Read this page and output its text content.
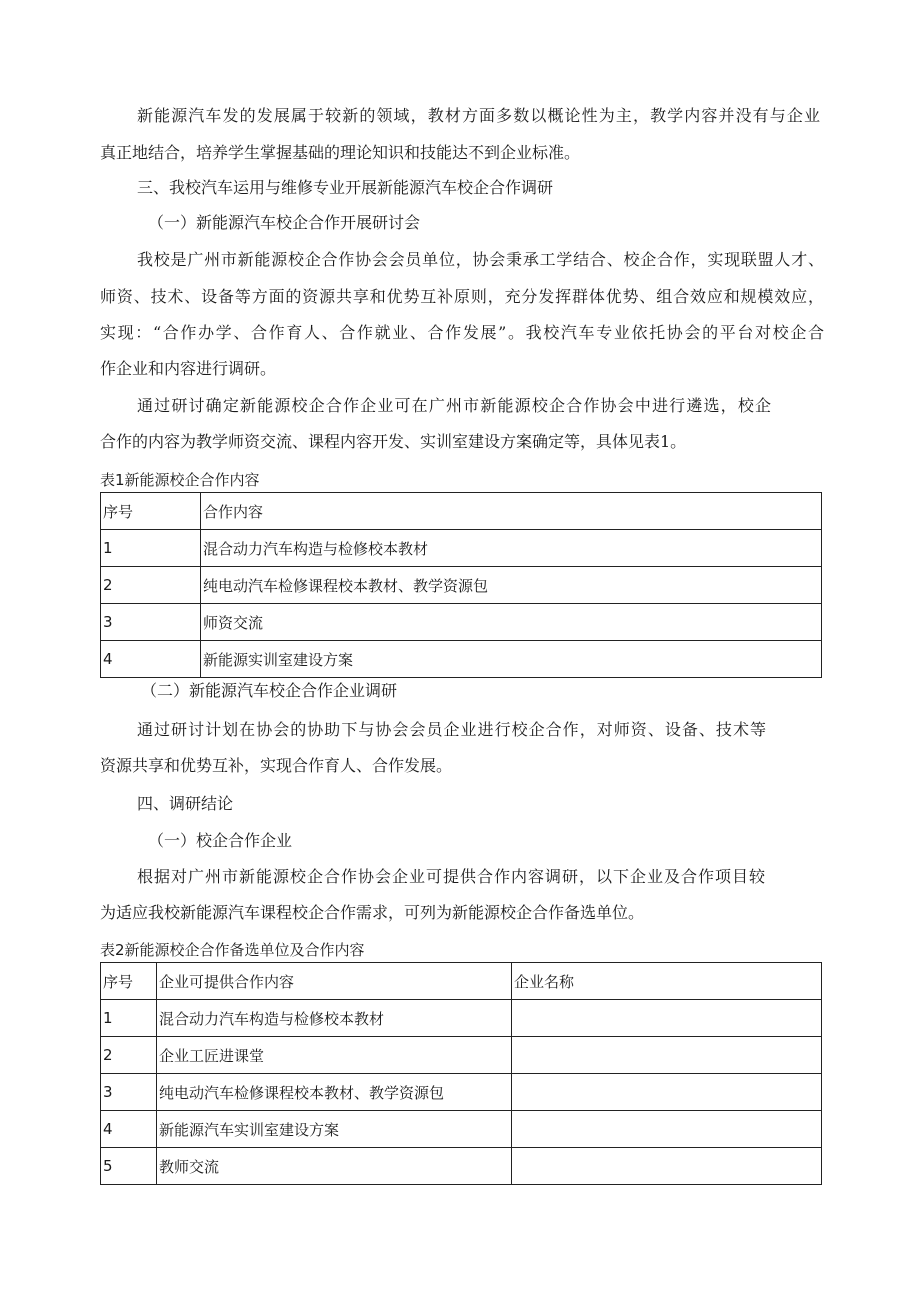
新能源汽车发的发展属于较新的领域，教材方面多数以概论性为主，教学内容并没有与企业
真正地结合，培养学生掌握基础的理论知识和技能达不到企业标准。
三、我校汽车运用与维修专业开展新能源汽车校企合作调研
（一）新能源汽车校企合作开展研讨会
我校是广州市新能源校企合作协会会员单位，协会秉承工学结合、校企合作，实现联盟人才、
师资、技术、设备等方面的资源共享和优势互补原则，充分发挥群体优势、组合效应和规模效应，
实现：“合作办学、合作育人、合作就业、合作发展”。我校汽车专业依托协会的平台对校企合
作企业和内容进行调研。
通过研讨确定新能源校企合作企业可在广州市新能源校企合作协会中进行遴选，校企
合作的内容为教学师资交流、课程内容开发、实训室建设方案确定等，具体见表1。
表1新能源校企合作内容
序号	合作内容
1	混合动力汽车构造与检修校本教材
2	纯电动汽车检修课程校本教材、教学资源包
3	师资交流
4	新能源实训室建设方案
（二）新能源汽车校企合作企业调研
通过研讨计划在协会的协助下与协会会员企业进行校企合作，对师资、设备、技术等
资源共享和优势互补，实现合作育人、合作发展。
四、调研结论
（一）校企合作企业
根据对广州市新能源校企合作协会企业可提供合作内容调研，以下企业及合作项目较
为适应我校新能源汽车课程校企合作需求，可列为新能源校企合作备选单位。
表2新能源校企合作备选单位及合作内容
序号	企业可提供合作内容	企业名称
1	混合动力汽车构造与检修校本教材	
2	企业工匠进课堂	
3	纯电动汽车检修课程校本教材、教学资源包	
4	新能源汽车实训室建设方案	
5	教师交流	
